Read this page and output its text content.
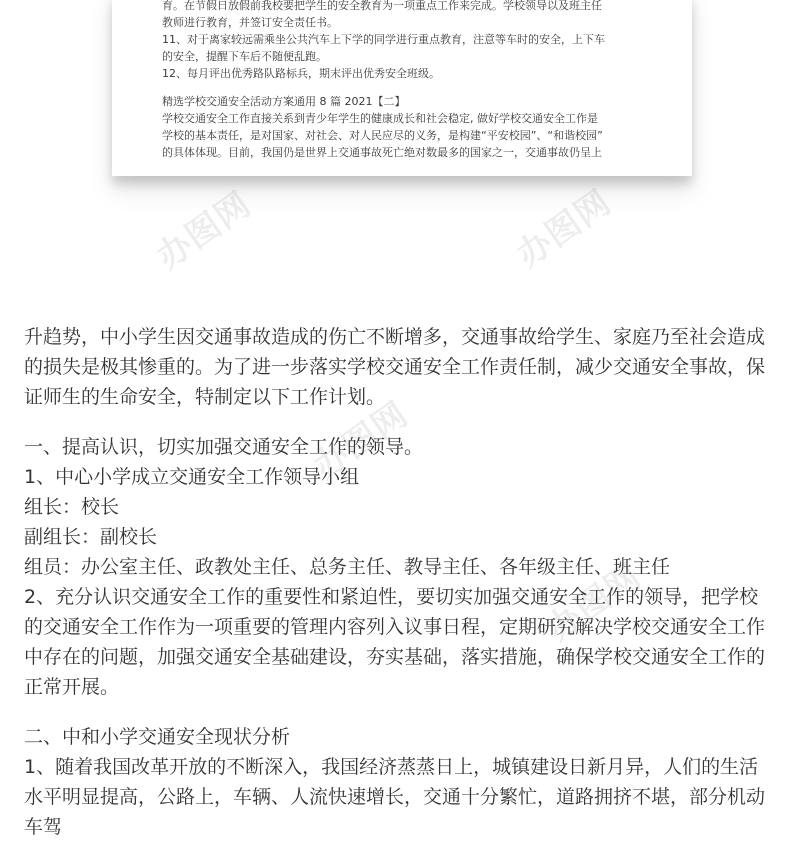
育。在节假日放假前我校要把学生的安全教育为一项重点工作来完成。学校领导以及班主任
教师进行教育，并签订安全责任书。
11、对于离家较远需乘坐公共汽车上下学的同学进行重点教育，注意等车时的安全，上下车
的安全，提醒下车后不随便乱跑。
12、每月评出优秀路队路标兵，期末评出优秀安全班级。
精选学校交通安全活动方案通用 8 篇 2021【二】
学校交通安全工作直接关系到青少年学生的健康成长和社会稳定, 做好学校交通安全工作是
学校的基本责任，是对国家、对社会、对人民应尽的义务，是构建“平安校园”、“和谐校园”
的具体体现。目前，我国仍是世界上交通事故死亡绝对数最多的国家之一，交通事故仍呈上
办图网	办图网
办图网
办图网

升趋势，中小学生因交通事故造成的伤亡不断增多，交通事故给学生、家庭乃至社会造成的损失是极其惨重的。为了进一步落实学校交通安全工作责任制，减少交通安全事故，保证师生的生命安全，特制定以下工作计划。

一、提高认识，切实加强交通安全工作的领导。

1、中心小学成立交通安全工作领导小组

组长：校长

副组长：副校长

组员：办公室主任、政教处主任、总务主任、教导主任、各年级主任、班主任

2、充分认识交通安全工作的重要性和紧迫性，要切实加强交通安全工作的领导，把学校的交通安全工作作为一项重要的管理内容列入议事日程，定期研究解决学校交通安全工作中存在的问题，加强交通安全基础建设，夯实基础，落实措施，确保学校交通安全工作的正常开展。

二、中和小学交通安全现状分析

1、随着我国改革开放的不断深入，我国经济蒸蒸日上，城镇建设日新月异，人们的生活水平明显提高，公路上，车辆、人流快速增长，交通十分繁忙，道路拥挤不堪，部分机动车驾
